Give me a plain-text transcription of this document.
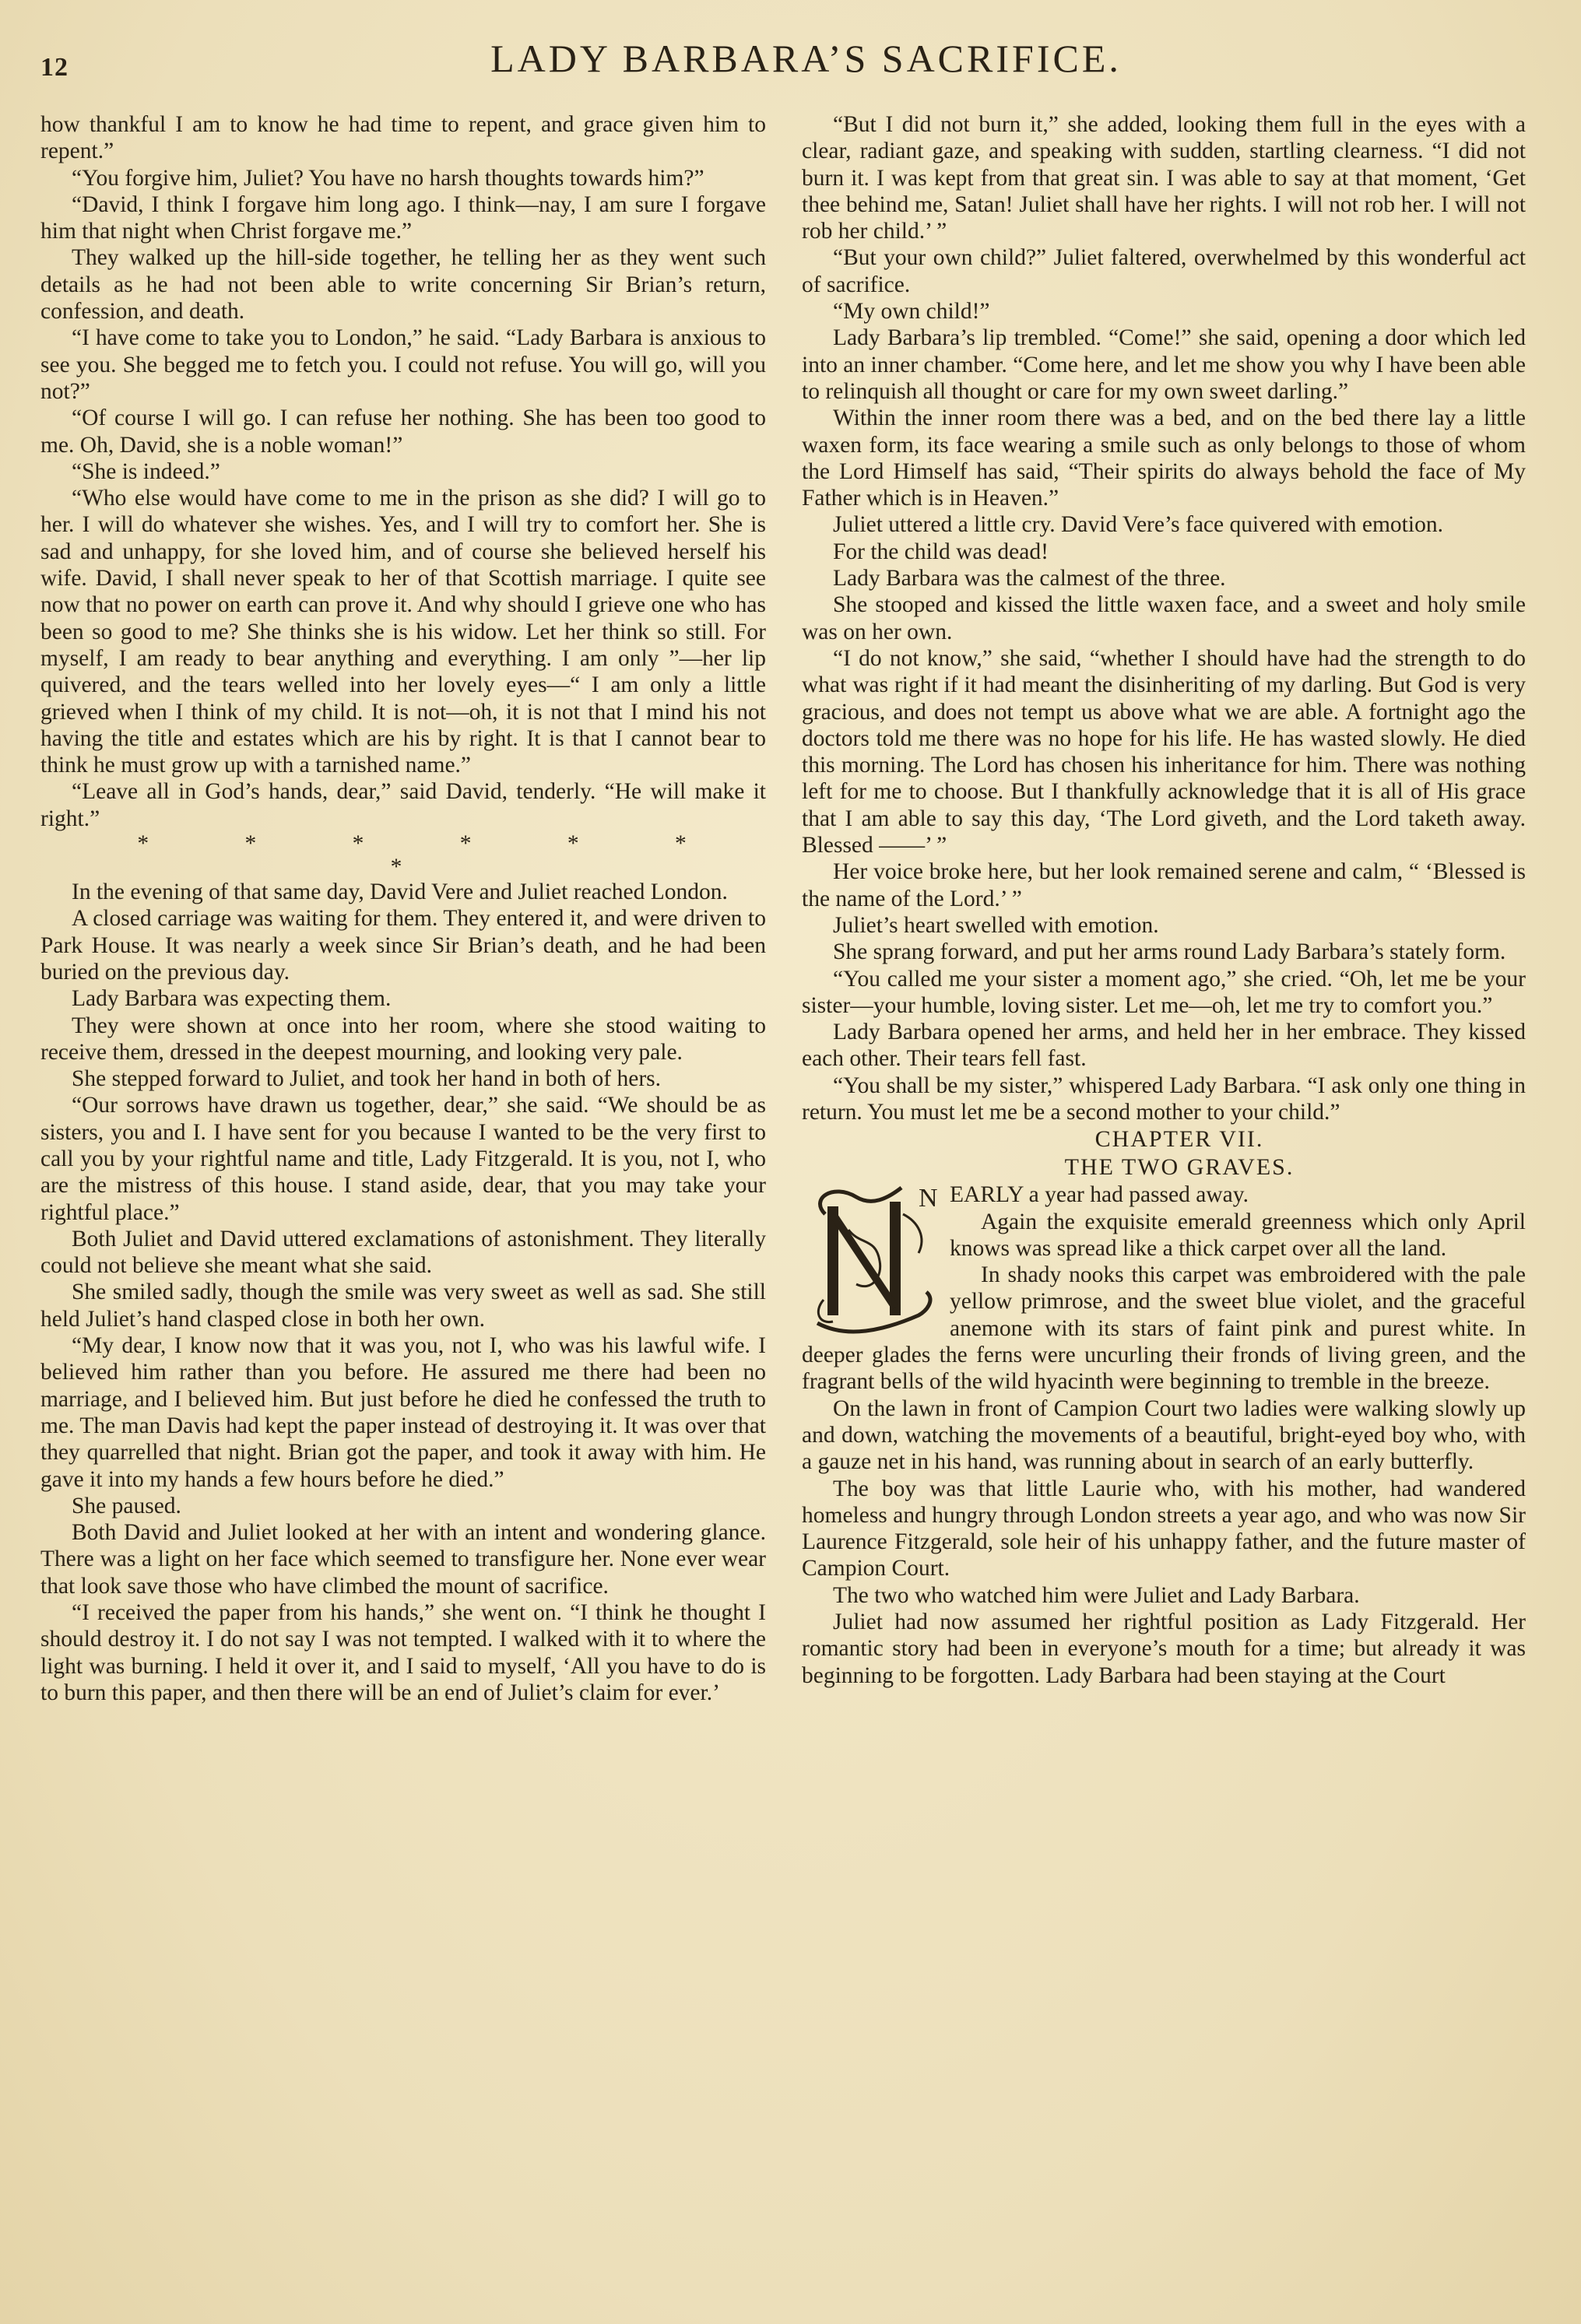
12	LADY BARBARA’S SACRIFICE.

how thankful I am to know he had time to repent, and grace given him to repent.”

“You forgive him, Juliet? You have no harsh thoughts towards him?”

“David, I think I forgave him long ago. I think—nay, I am sure I forgave him that night when Christ forgave me.”

They walked up the hill-side together, he telling her as they went such details as he had not been able to write concerning Sir Brian’s return, confession, and death.

“I have come to take you to London,” he said. “Lady Barbara is anxious to see you. She begged me to fetch you. I could not refuse. You will go, will you not?”

“Of course I will go. I can refuse her nothing. She has been too good to me. Oh, David, she is a noble woman!”

“She is indeed.”

“Who else would have come to me in the prison as she did? I will go to her. I will do whatever she wishes. Yes, and I will try to comfort her. She is sad and unhappy, for she loved him, and of course she believed herself his wife. David, I shall never speak to her of that Scottish marriage. I quite see now that no power on earth can prove it. And why should I grieve one who has been so good to me? She thinks she is his widow. Let her think so still. For myself, I am ready to bear anything and everything. I am only ”—her lip quivered, and the tears welled into her lovely eyes—“ I am only a little grieved when I think of my child. It is not—oh, it is not that I mind his not having the title and estates which are his by right. It is that I cannot bear to think he must grow up with a tarnished name.”

“Leave all in God’s hands, dear,” said David, tenderly. “He will make it right.”

* * * * * * *

In the evening of that same day, David Vere and Juliet reached London.

A closed carriage was waiting for them. They entered it, and were driven to Park House. It was nearly a week since Sir Brian’s death, and he had been buried on the previous day.

Lady Barbara was expecting them.

They were shown at once into her room, where she stood waiting to receive them, dressed in the deepest mourning, and looking very pale.

She stepped forward to Juliet, and took her hand in both of hers.

“Our sorrows have drawn us together, dear,” she said. “We should be as sisters, you and I. I have sent for you because I wanted to be the very first to call you by your rightful name and title, Lady Fitzgerald. It is you, not I, who are the mistress of this house. I stand aside, dear, that you may take your rightful place.”

Both Juliet and David uttered exclamations of astonishment. They literally could not believe she meant what she said.

She smiled sadly, though the smile was very sweet as well as sad. She still held Juliet’s hand clasped close in both her own.

“My dear, I know now that it was you, not I, who was his lawful wife. I believed him rather than you before. He assured me there had been no marriage, and I believed him. But just before he died he confessed the truth to me. The man Davis had kept the paper instead of destroying it. It was over that they quarrelled that night. Brian got the paper, and took it away with him. He gave it into my hands a few hours before he died.”

She paused.

Both David and Juliet looked at her with an intent and wondering glance. There was a light on her face which seemed to transfigure her. None ever wear that look save those who have climbed the mount of sacrifice.

“I received the paper from his hands,” she went on. “I think he thought I should destroy it. I do not say I was not tempted. I walked with it to where the light was burning. I held it over it, and I said to myself, ‘All you have to do is to burn this paper, and then there will be an end of Juliet’s claim for ever.’

“But I did not burn it,” she added, looking them full in the eyes with a clear, radiant gaze, and speaking with sudden, startling clearness. “I did not burn it. I was kept from that great sin. I was able to say at that moment, ‘Get thee behind me, Satan! Juliet shall have her rights. I will not rob her. I will not rob her child.’ ”

“But your own child?” Juliet faltered, overwhelmed by this wonderful act of sacrifice.

“My own child!”

Lady Barbara’s lip trembled. “Come!” she said, opening a door which led into an inner chamber. “Come here, and let me show you why I have been able to relinquish all thought or care for my own sweet darling.”

Within the inner room there was a bed, and on the bed there lay a little waxen form, its face wearing a smile such as only belongs to those of whom the Lord Himself has said, “Their spirits do always behold the face of My Father which is in Heaven.”

Juliet uttered a little cry. David Vere’s face quivered with emotion.

For the child was dead!

Lady Barbara was the calmest of the three.

She stooped and kissed the little waxen face, and a sweet and holy smile was on her own.

“I do not know,” she said, “whether I should have had the strength to do what was right if it had meant the disinheriting of my darling. But God is very gracious, and does not tempt us above what we are able. A fortnight ago the doctors told me there was no hope for his life. He has wasted slowly. He died this morning. The Lord has chosen his inheritance for him. There was nothing left for me to choose. But I thankfully acknowledge that it is all of His grace that I am able to say this day, ‘The Lord giveth, and the Lord taketh away. Blessed ——’ ”

Her voice broke here, but her look remained serene and calm, “ ‘Blessed is the name of the Lord.’ ”

Juliet’s heart swelled with emotion.

She sprang forward, and put her arms round Lady Barbara’s stately form.

“You called me your sister a moment ago,” she cried. “Oh, let me be your sister—your humble, loving sister. Let me—oh, let me try to comfort you.”

Lady Barbara opened her arms, and held her in her embrace. They kissed each other. Their tears fell fast.

“You shall be my sister,” whispered Lady Barbara. “I ask only one thing in return. You must let me be a second mother to your child.”

CHAPTER VII.

THE TWO GRAVES.

N EARLY a year had passed away.

Again the exquisite emerald greenness which only April knows was spread like a thick carpet over all the land.

In shady nooks this carpet was embroidered with the pale yellow primrose, and the sweet blue violet, and the graceful anemone with its stars of faint pink and purest white. In deeper glades the ferns were uncurling their fronds of living green, and the fragrant bells of the wild hyacinth were beginning to tremble in the breeze.

On the lawn in front of Campion Court two ladies were walking slowly up and down, watching the movements of a beautiful, bright-eyed boy who, with a gauze net in his hand, was running about in search of an early butterfly.

The boy was that little Laurie who, with his mother, had wandered homeless and hungry through London streets a year ago, and who was now Sir Laurence Fitzgerald, sole heir of his unhappy father, and the future master of Campion Court.

The two who watched him were Juliet and Lady Barbara.

Juliet had now assumed her rightful position as Lady Fitzgerald. Her romantic story had been in everyone’s mouth for a time; but already it was beginning to be forgotten. Lady Barbara had been staying at the Court
